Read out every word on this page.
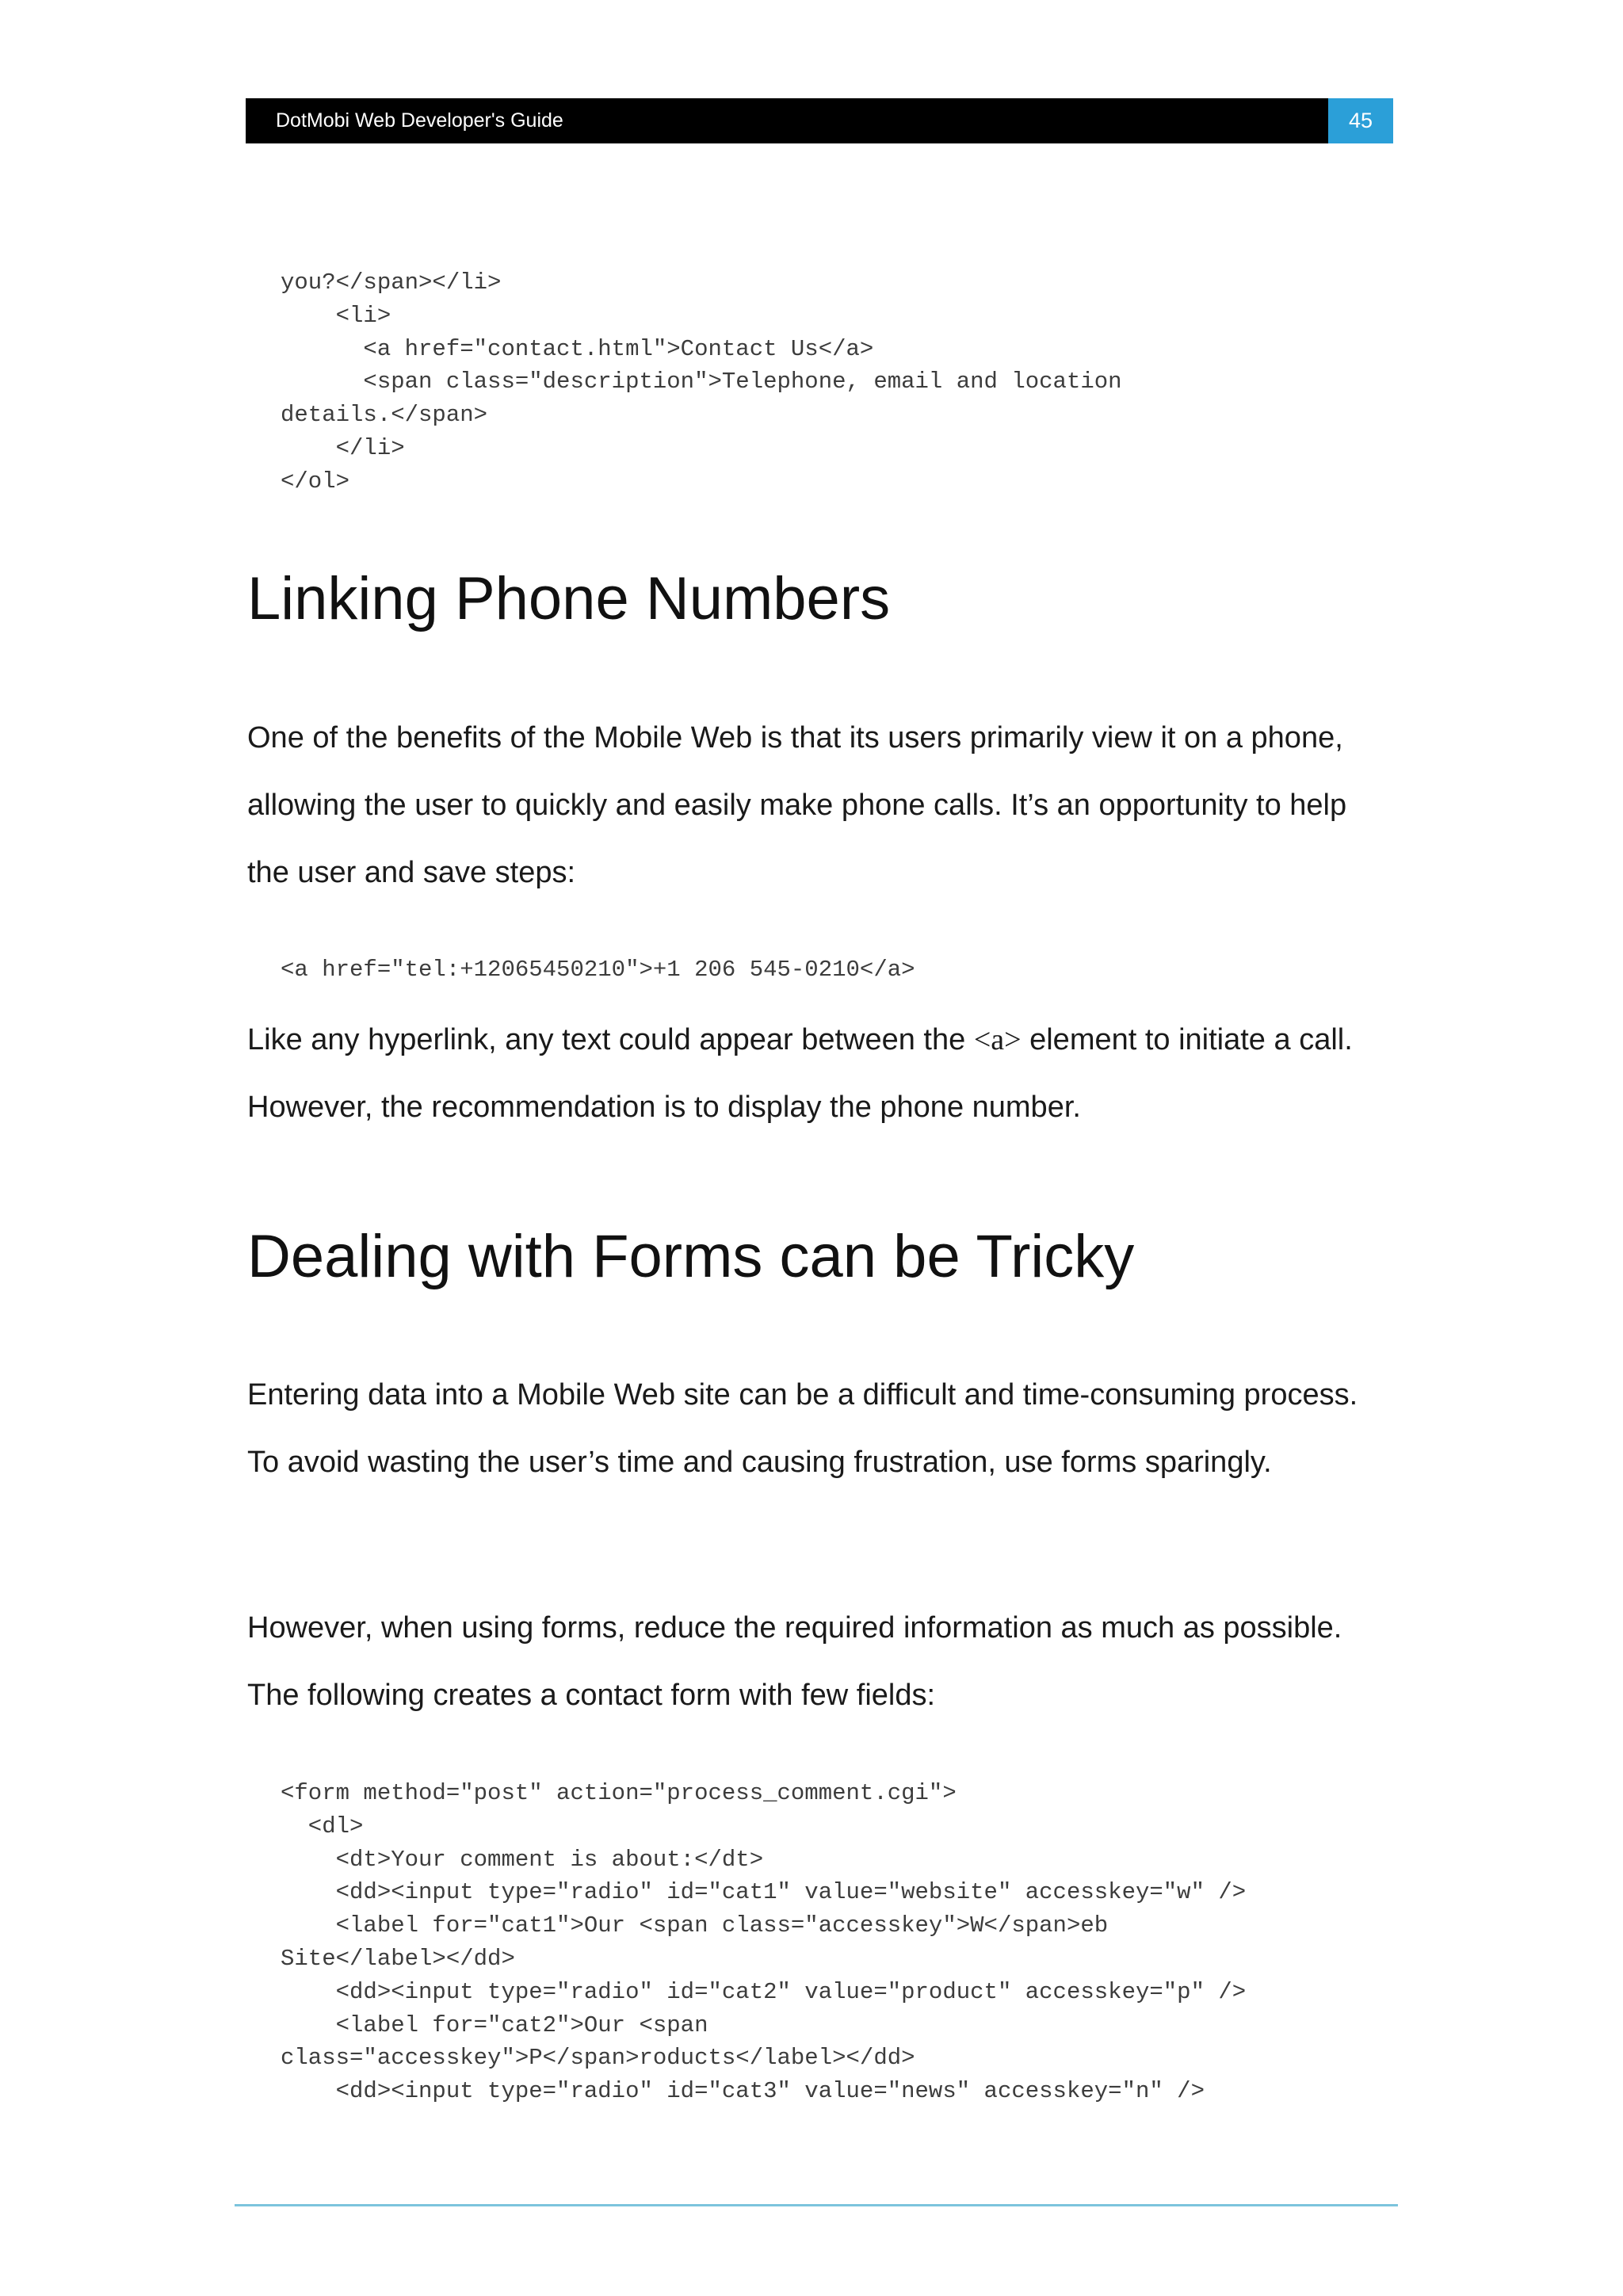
DotMobi Web Developer's Guide	45
you?</span></li>
<li>
<a href="contact.html">Contact Us</a>
<span class="description">Telephone, email and location
details.</span>
</li>
</ol>
Linking Phone Numbers

One of the benefits of the Mobile Web is that its users primarily view it on a phone, allowing the user to quickly and easily make phone calls. It’s an opportunity to help the user and save steps:

<a href="tel:+12065450210">+1 206 545-0210</a>

Like any hyperlink, any text could appear between the <a> element to initiate a call. However, the recommendation is to display the phone number.

Dealing with Forms can be Tricky

Entering data into a Mobile Web site can be a difficult and time-consuming process. To avoid wasting the user’s time and causing frustration, use forms sparingly.

However, when using forms, reduce the required information as much as possible. The following creates a contact form with few fields:

<form method="post" action="process_comment.cgi">
<dl>
<dt>Your comment is about:</dt>
<dd><input type="radio" id="cat1" value="website" accesskey="w" />
<label for="cat1">Our <span class="accesskey">W</span>eb
Site</label></dd>
<dd><input type="radio" id="cat2" value="product" accesskey="p" />
<label for="cat2">Our <span
class="accesskey">P</span>roducts</label></dd>
<dd><input type="radio" id="cat3" value="news" accesskey="n" />
